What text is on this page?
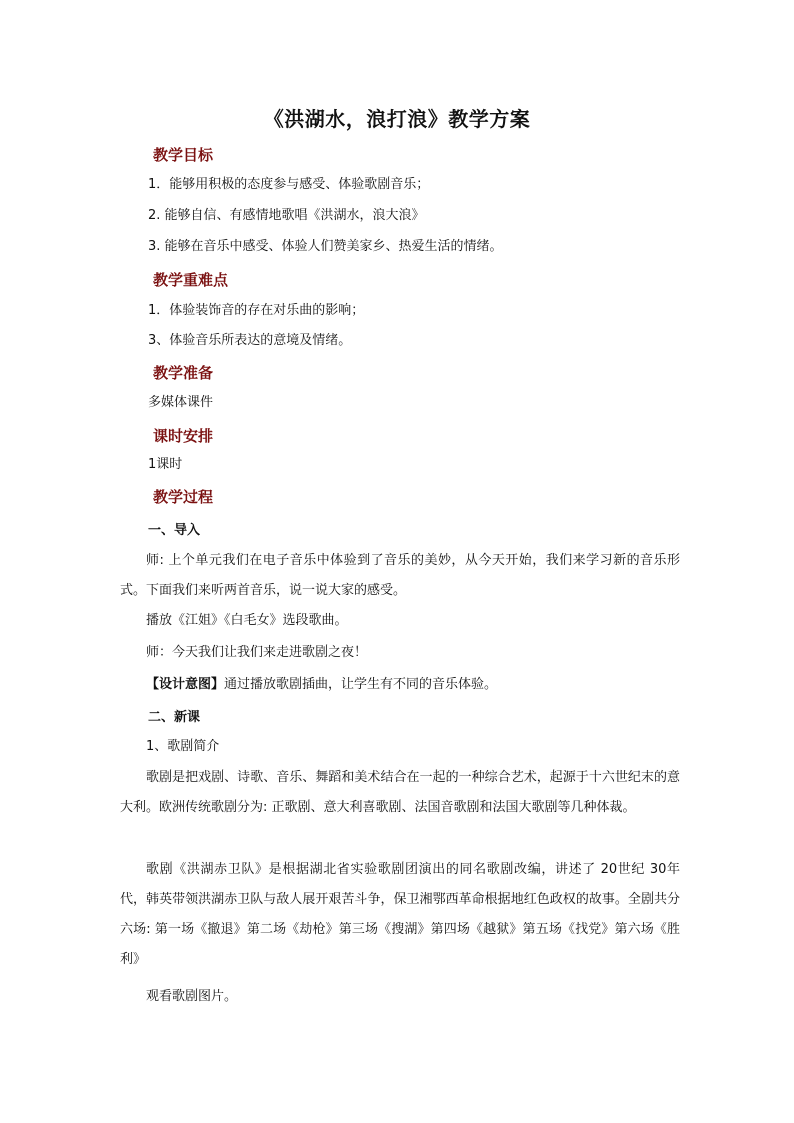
《洪湖水，浪打浪》教学方案
教学目标
1．能够用积极的态度参与感受、体验歌剧音乐；
2. 能够自信、有感情地歌唱《洪湖水，浪大浪》
3. 能够在音乐中感受、体验人们赞美家乡、热爱生活的情绪。
教学重难点
1．体验装饰音的存在对乐曲的影响；
3、体验音乐所表达的意境及情绪。
教学准备
多媒体课件
课时安排
1课时
教学过程
一、导入
师: 上个单元我们在电子音乐中体验到了音乐的美妙，从今天开始，我们来学习新的音乐形式。下面我们来听两首音乐，说一说大家的感受。
播放《江姐》《白毛女》选段歌曲。
师：今天我们让我们来走进歌剧之夜！
【设计意图】通过播放歌剧插曲，让学生有不同的音乐体验。
二、新课
1、歌剧简介
歌剧是把戏剧、诗歌、音乐、舞蹈和美术结合在一起的一种综合艺术，起源于十六世纪末的意大利。欧洲传统歌剧分为: 正歌剧、意大利喜歌剧、法国音歌剧和法国大歌剧等几种体裁。
歌剧《洪湖赤卫队》是根据湖北省实验歌剧团演出的同名歌剧改编，讲述了 20世纪 30年代，韩英带领洪湖赤卫队与敌人展开艰苦斗争，保卫湘鄂西革命根据地红色政权的故事。全剧共分六场: 第一场《撤退》第二场《劫枪》第三场《搜湖》第四场《越狱》第五场《找党》第六场《胜利》
观看歌剧图片。
